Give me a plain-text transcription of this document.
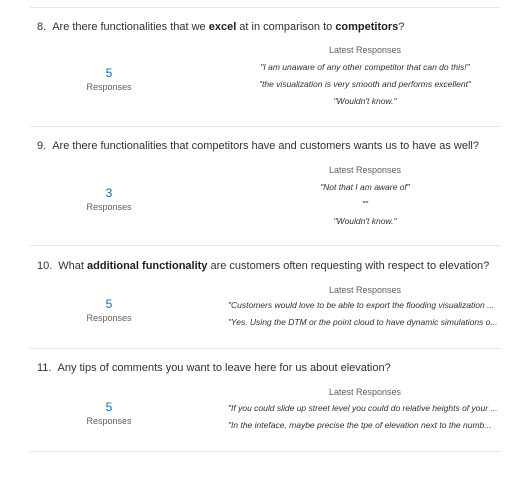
8. Are there functionalities that we excel at in comparison to competitors?
5
Responses
Latest Responses
"I am unaware of any other competitor that can do this!"
"the visualization is very smooth and performs excellent"
"Wouldn't know."
9. Are there functionalities that competitors have and customers wants us to have as well?
3
Responses
Latest Responses
"Not that I am aware of"
""
"Wouldn't know."
10. What additional functionality are customers often requesting with respect to elevation?
5
Responses
Latest Responses
"Customers would love to be able to export the flooding visualization ...
"Yes. Using the DTM or the point cloud to have dynamic simulations o...
11. Any tips of comments you want to leave here for us about elevation?
5
Responses
Latest Responses
"If you could slide up street level you could do relative heights of your ...
"In the inteface, maybe precise the tpe of elevation next to the numb...
